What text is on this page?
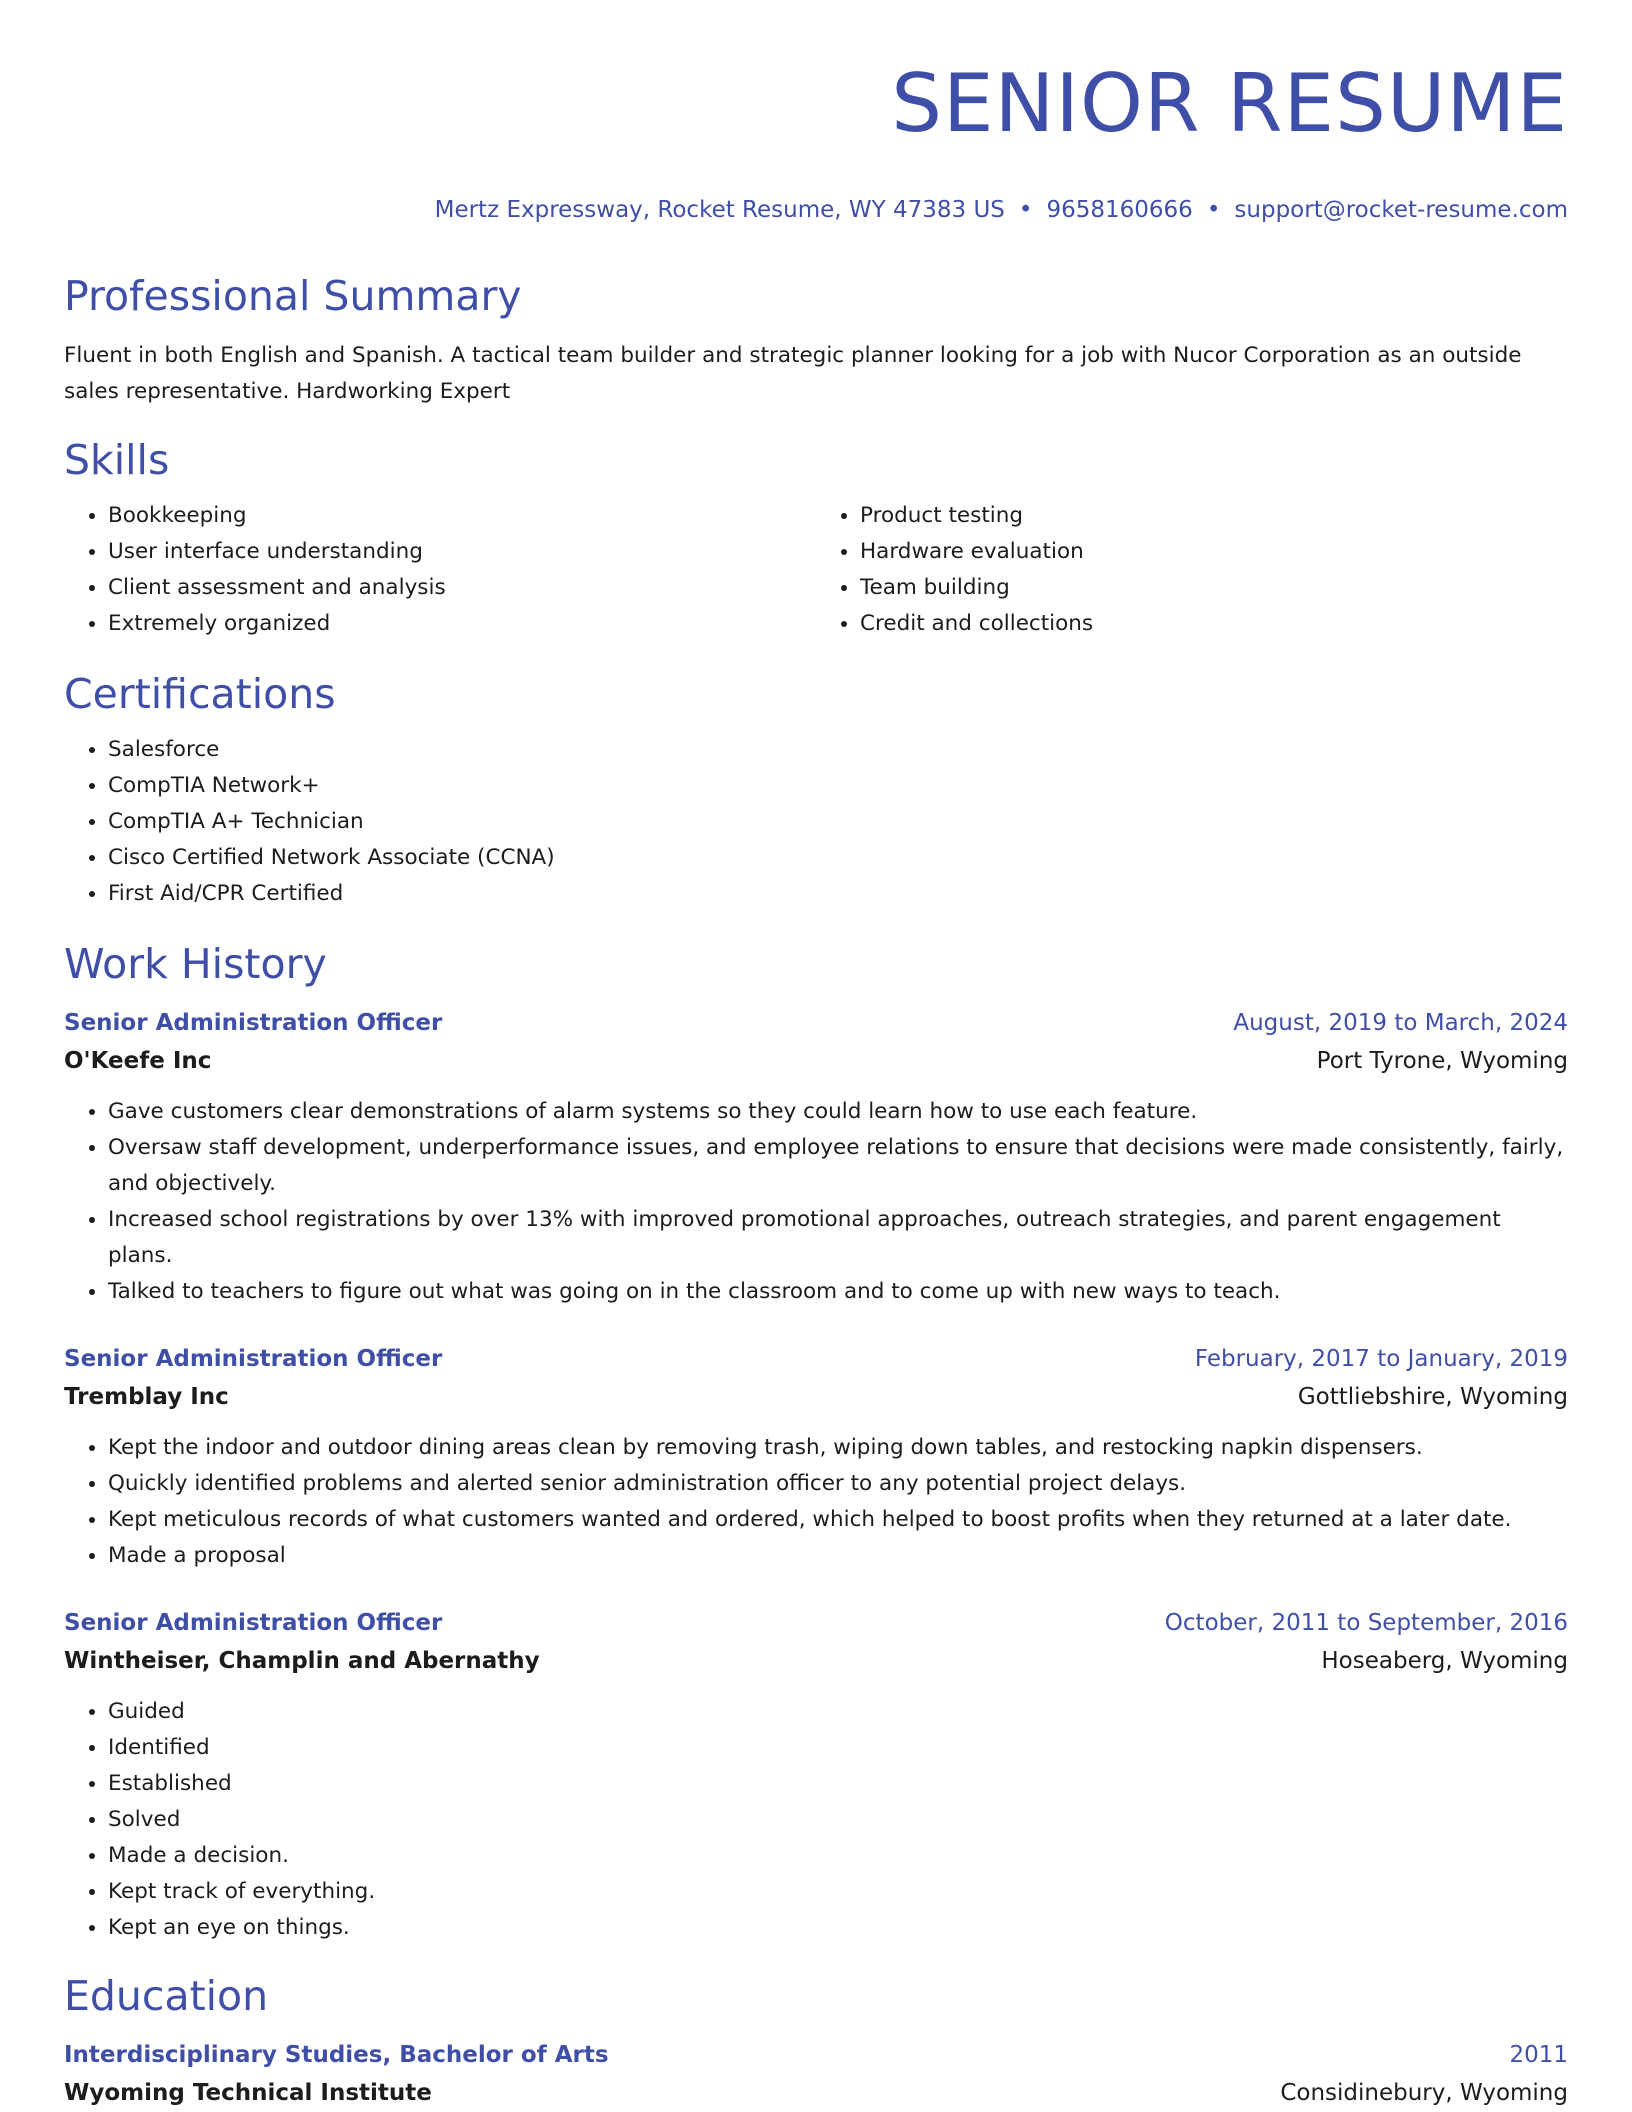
SENIOR RESUME
Mertz Expressway, Rocket Resume, WY 47383 US • 9658160666 • support@rocket-resume.com
Professional Summary

Fluent in both English and Spanish. A tactical team builder and strategic planner looking for a job with Nucor Corporation as an outside sales representative. Hardworking Expert

Skills
• Bookkeeping
• User interface understanding
• Client assessment and analysis
• Extremely organized
• Product testing
• Hardware evaluation
• Team building
• Credit and collections
Certifications
• Salesforce
• CompTIA Network+
• CompTIA A+ Technician
• Cisco Certified Network Associate (CCNA)
• First Aid/CPR Certified
Work History
Senior Administration Officer	August, 2019 to March, 2024
O'Keefe Inc	Port Tyrone, Wyoming
• Gave customers clear demonstrations of alarm systems so they could learn how to use each feature.
• Oversaw staff development, underperformance issues, and employee relations to ensure that decisions were made consistently, fairly, and objectively.
• Increased school registrations by over 13% with improved promotional approaches, outreach strategies, and parent engagement plans.
• Talked to teachers to figure out what was going on in the classroom and to come up with new ways to teach.
Senior Administration Officer	February, 2017 to January, 2019
Tremblay Inc	Gottliebshire, Wyoming
• Kept the indoor and outdoor dining areas clean by removing trash, wiping down tables, and restocking napkin dispensers.
• Quickly identified problems and alerted senior administration officer to any potential project delays.
• Kept meticulous records of what customers wanted and ordered, which helped to boost profits when they returned at a later date.
• Made a proposal
Senior Administration Officer	October, 2011 to September, 2016
Wintheiser, Champlin and Abernathy	Hoseaberg, Wyoming
• Guided
• Identified
• Established
• Solved
• Made a decision.
• Kept track of everything.
• Kept an eye on things.
Education
Interdisciplinary Studies, Bachelor of Arts	2011
Wyoming Technical Institute	Considinebury, Wyoming
